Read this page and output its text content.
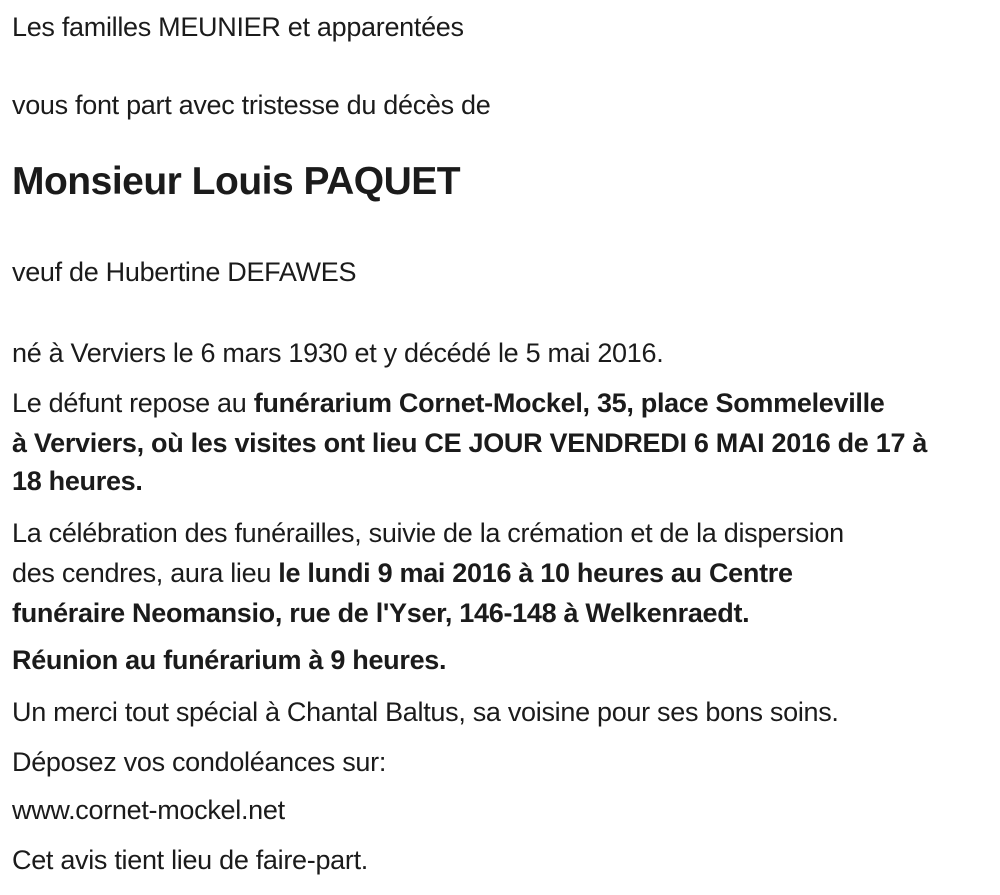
Les familles MEUNIER et apparentées
vous font part avec tristesse du décès de
Monsieur Louis PAQUET
veuf de Hubertine DEFAWES
né à Verviers le 6 mars 1930 et y décédé le 5 mai 2016.
Le défunt repose au funérarium Cornet-Mockel, 35, place Sommeleville
à Verviers, où les visites ont lieu CE JOUR VENDREDI 6 MAI 2016 de 17 à
18 heures.
La célébration des funérailles, suivie de la crémation et de la dispersion
des cendres, aura lieu le lundi 9 mai 2016 à 10 heures au Centre
funéraire Neomansio, rue de l'Yser, 146-148 à Welkenraedt.
Réunion au funérarium à 9 heures.
Un merci tout spécial à Chantal Baltus, sa voisine pour ses bons soins.
Déposez vos condoléances sur:
www.cornet-mockel.net
Cet avis tient lieu de faire-part.
